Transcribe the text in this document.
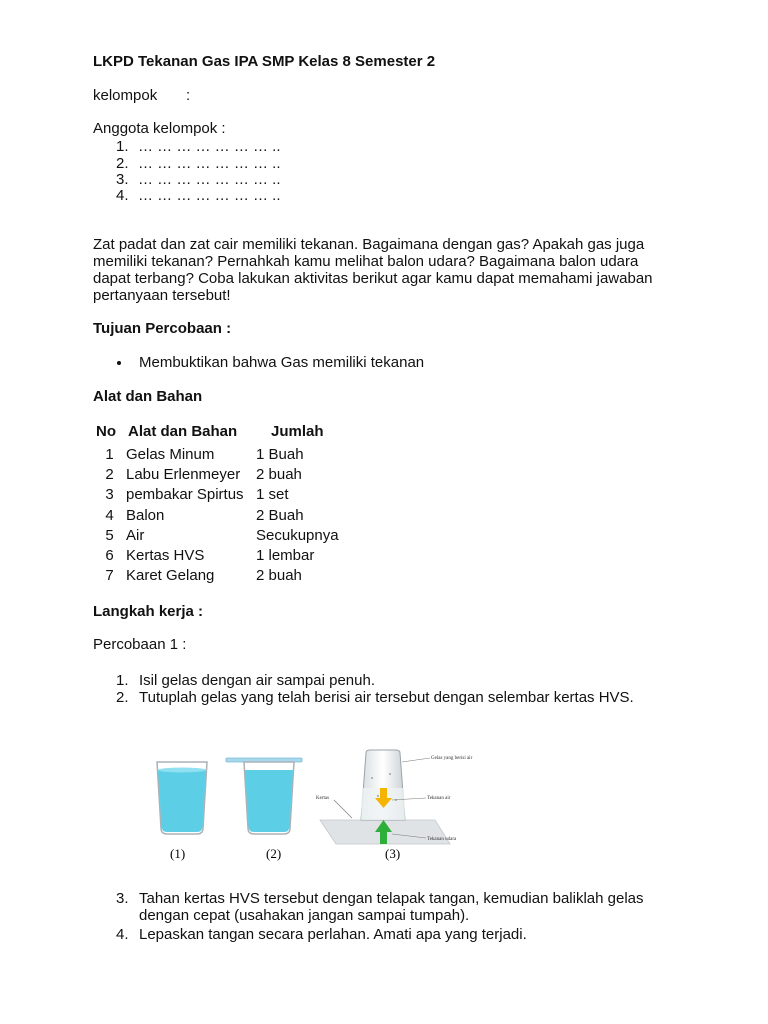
LKPD Tekanan Gas IPA SMP Kelas 8 Semester 2
kelompok :
Anggota kelompok :
1. … … … … … … … ..
2. … … … … … … … ..
3. … … … … … … … ..
4. … … … … … … … ..
Zat padat dan zat cair memiliki tekanan. Bagaimana dengan gas? Apakah gas juga
memiliki tekanan? Pernahkah kamu melihat balon udara? Bagaimana balon udara
dapat terbang? Coba lakukan aktivitas berikut agar kamu dapat memahami jawaban
pertanyaan tersebut!
Tujuan Percobaan :
Membuktikan bahwa Gas memiliki tekanan
Alat dan Bahan
No	Alat dan Bahan	Jumlah
1	Gelas Minum	1 Buah
2	Labu Erlenmeyer	2 buah
3	pembakar Spirtus	1 set
4	Balon	2 Buah
5	Air	Secukupnya
6	Kertas HVS	1 lembar
7	Karet Gelang	2 buah
Langkah kerja :
Percobaan 1 :
1. Isil gelas dengan air sampai penuh.
2. Tutuplah gelas yang telah berisi air tersebut dengan selembar kertas HVS.
Gelas yang berisi air
Kertas	Tekanan air
Tekanan udara
(1)	(2)	(3)
3. Tahan kertas HVS tersebut dengan telapak tangan, kemudian baliklah gelas
dengan cepat (usahakan jangan sampai tumpah).
4. Lepaskan tangan secara perlahan. Amati apa yang terjadi.
